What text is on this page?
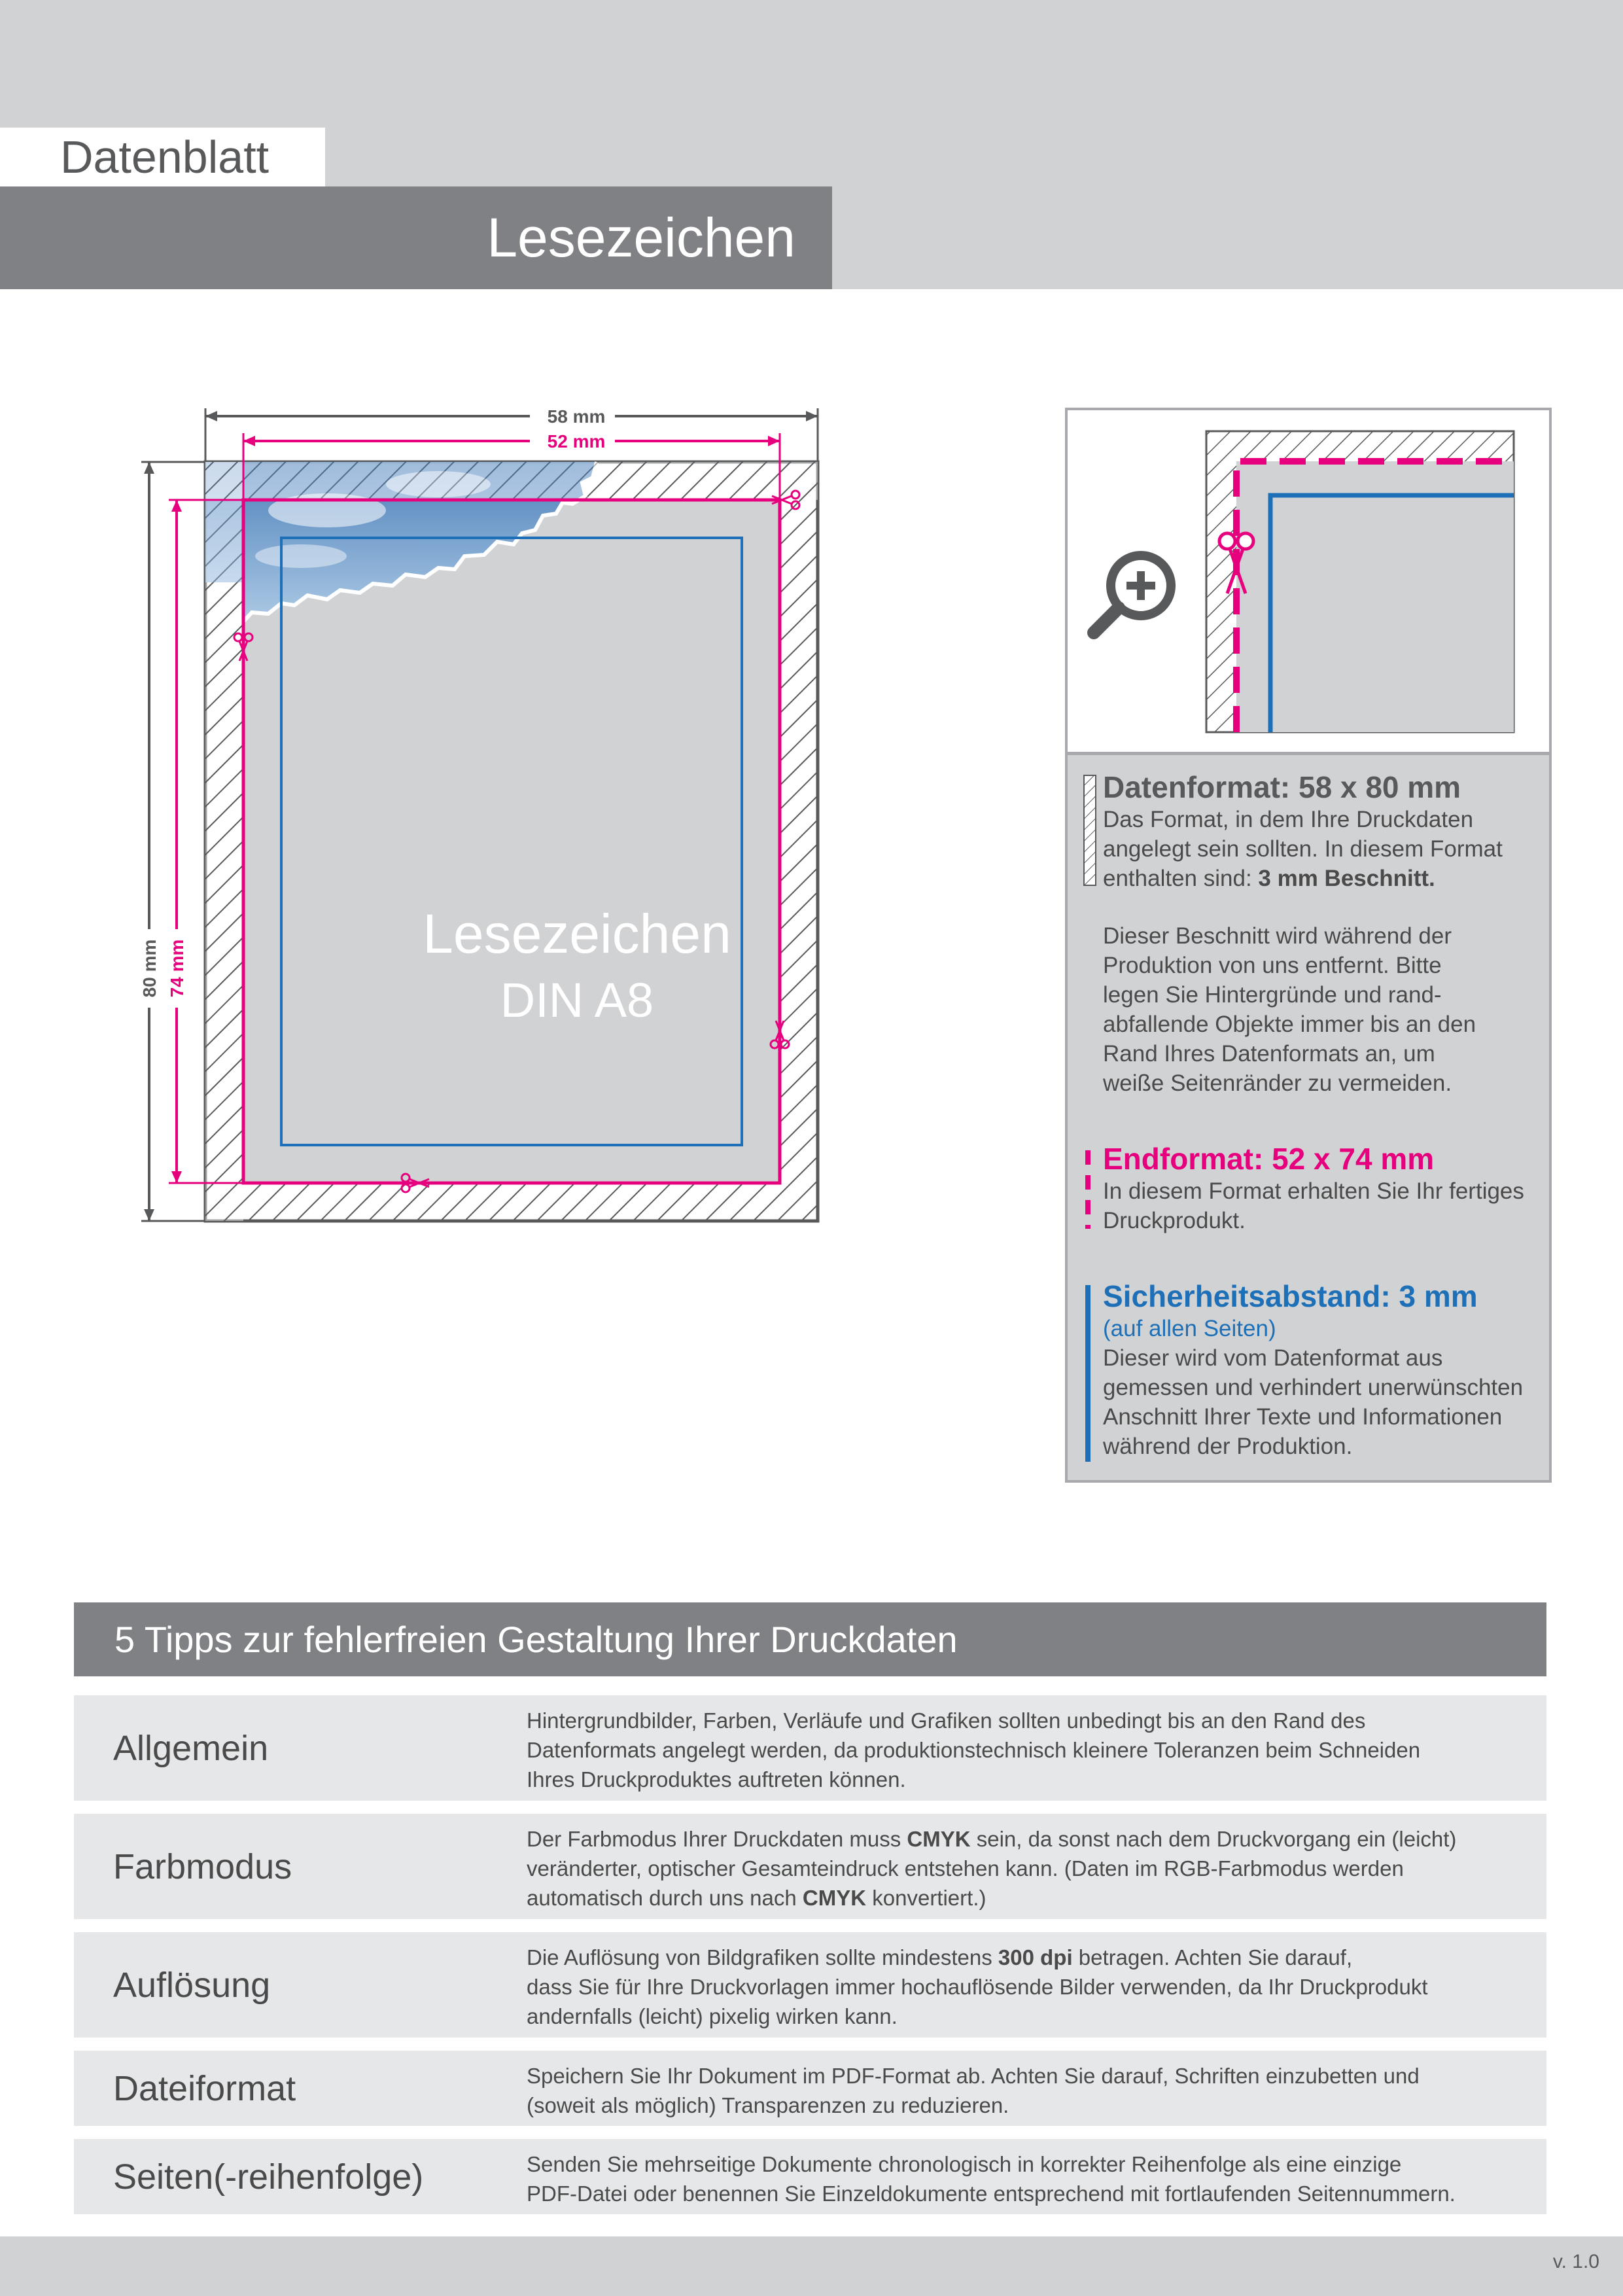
Datenblatt
Lesezeichen
58 mm
52 mm
80 mm 74 mm
Lesezeichen
DIN A8
Datenformat: 58 x 80 mm
Das Format, in dem Ihre Druckdaten
angelegt sein sollten. In diesem Format
enthalten sind: 3 mm Beschnitt.
Dieser Beschnitt wird während der
Produktion von uns entfernt. Bitte
legen Sie Hintergründe und rand-
abfallende Objekte immer bis an den
Rand Ihres Datenformats an, um
weiße Seitenränder zu vermeiden.
Endformat: 52 x 74 mm
In diesem Format erhalten Sie Ihr fertiges
Druckprodukt.
Sicherheitsabstand: 3 mm
(auf allen Seiten)
Dieser wird vom Datenformat aus
gemessen und verhindert unerwünschten
Anschnitt Ihrer Texte und Informationen
während der Produktion.
5 Tipps zur fehlerfreien Gestaltung Ihrer Druckdaten
Allgemein
Hintergrundbilder, Farben, Verläufe und Grafiken sollten unbedingt bis an den Rand des
Datenformats angelegt werden, da produktionstechnisch kleinere Toleranzen beim Schneiden
Ihres Druckproduktes auftreten können.
Farbmodus
Der Farbmodus Ihrer Druckdaten muss CMYK sein, da sonst nach dem Druckvorgang ein (leicht)
veränderter, optischer Gesamteindruck entstehen kann. (Daten im RGB-Farbmodus werden
automatisch durch uns nach CMYK konvertiert.)
Auflösung
Die Auflösung von Bildgrafiken sollte mindestens 300 dpi betragen. Achten Sie darauf,
dass Sie für Ihre Druckvorlagen immer hochauflösende Bilder verwenden, da Ihr Druckprodukt
andernfalls (leicht) pixelig wirken kann.
Dateiformat	Speichern Sie Ihr Dokument im PDF-Format ab. Achten Sie darauf, Schriften einzubetten und
(soweit als möglich) Transparenzen zu reduzieren.
Seiten(-reihenfolge)	Senden Sie mehrseitige Dokumente chronologisch in korrekter Reihenfolge als eine einzige
PDF-Datei oder benennen Sie Einzeldokumente entsprechend mit fortlaufenden Seitennummern.
v. 1.0
